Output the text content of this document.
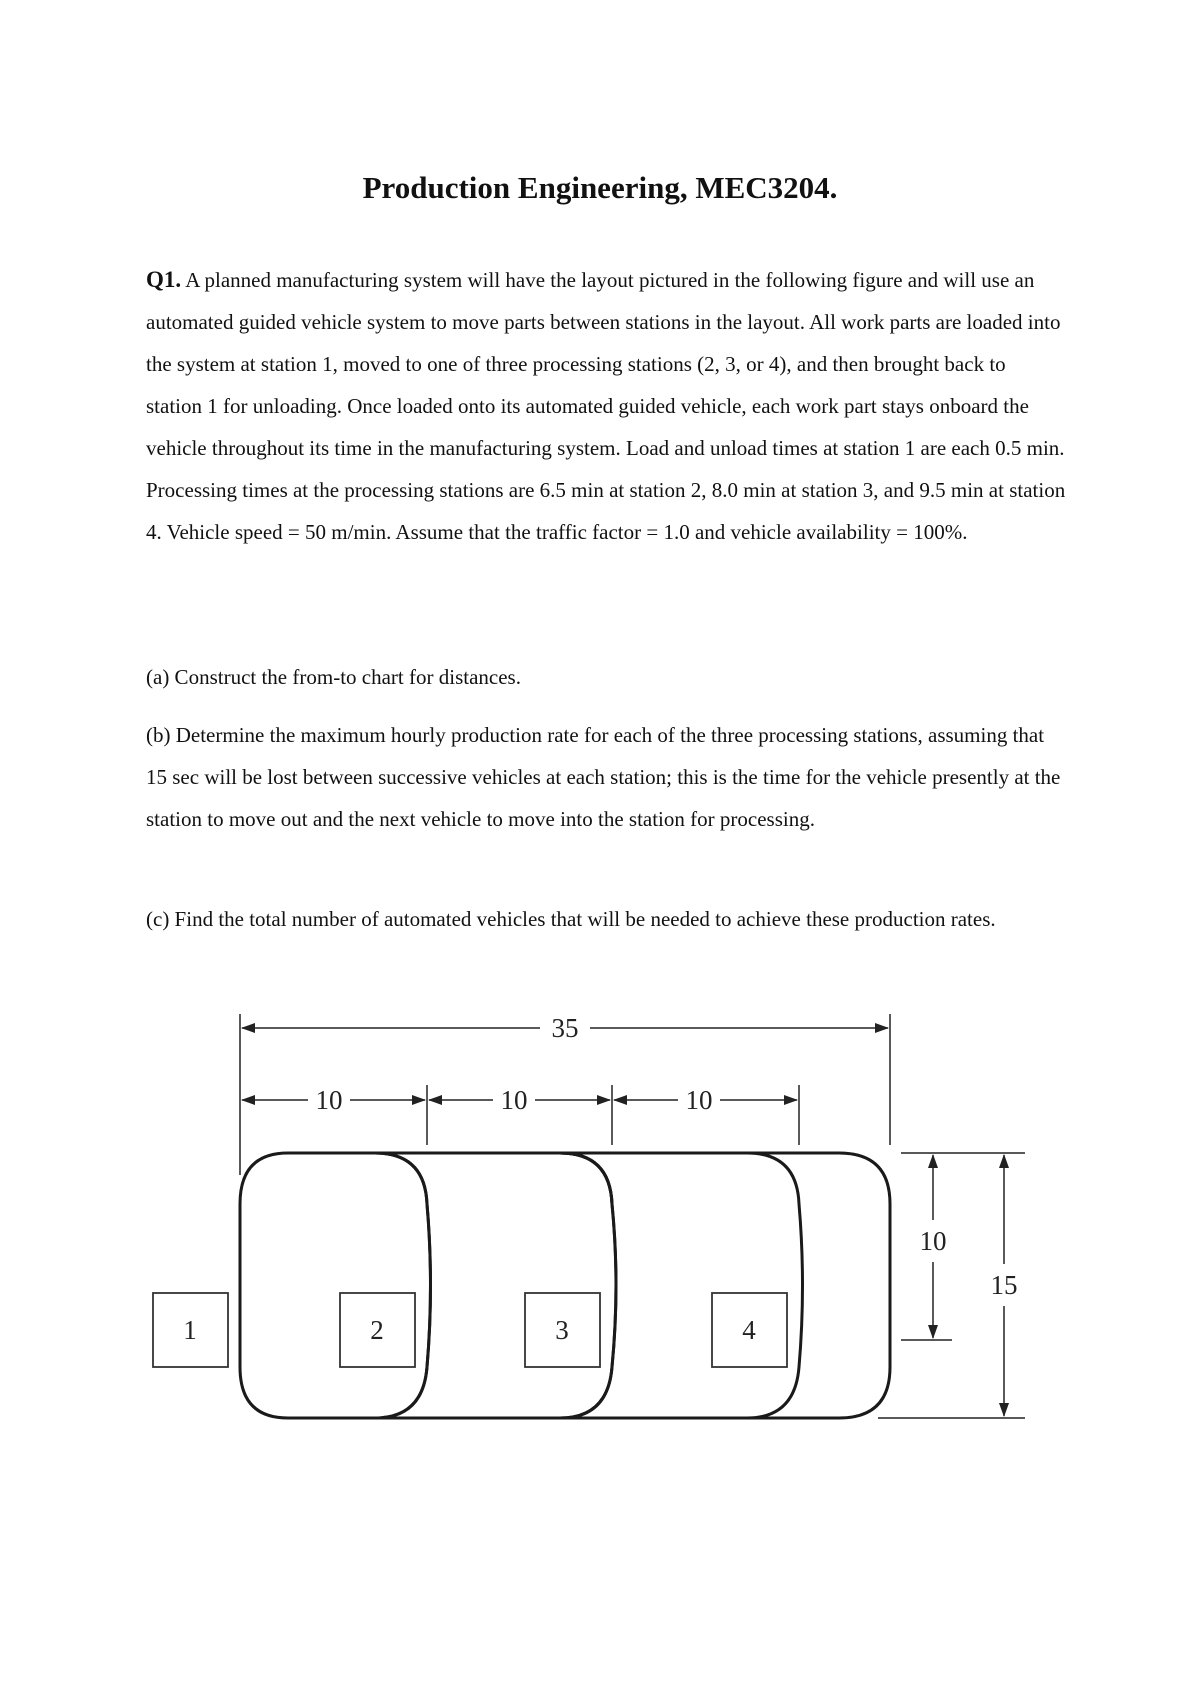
Production Engineering, MEC3204.

Q1. A planned manufacturing system will have the layout pictured in the following figure and will use an automated guided vehicle system to move parts between stations in the layout. All work parts are loaded into the system at station 1, moved to one of three processing stations (2, 3, or 4), and then brought back to station 1 for unloading. Once loaded onto its automated guided vehicle, each work part stays onboard the vehicle throughout its time in the manufacturing system. Load and unload times at station 1 are each 0.5 min. Processing times at the processing stations are 6.5 min at station 2, 8.0 min at station 3, and 9.5 min at station 4. Vehicle speed = 50 m/min. Assume that the traffic factor = 1.0 and vehicle availability = 100%.

(a) Construct the from-to chart for distances.

(b) Determine the maximum hourly production rate for each of the three processing stations, assuming that 15 sec will be lost between successive vehicles at each station; this is the time for the vehicle presently at the station to move out and the next vehicle to move into the station for processing.

(c) Find the total number of automated vehicles that will be needed to achieve these production rates.

35
10	10	10
10
15
1	2	3	4
